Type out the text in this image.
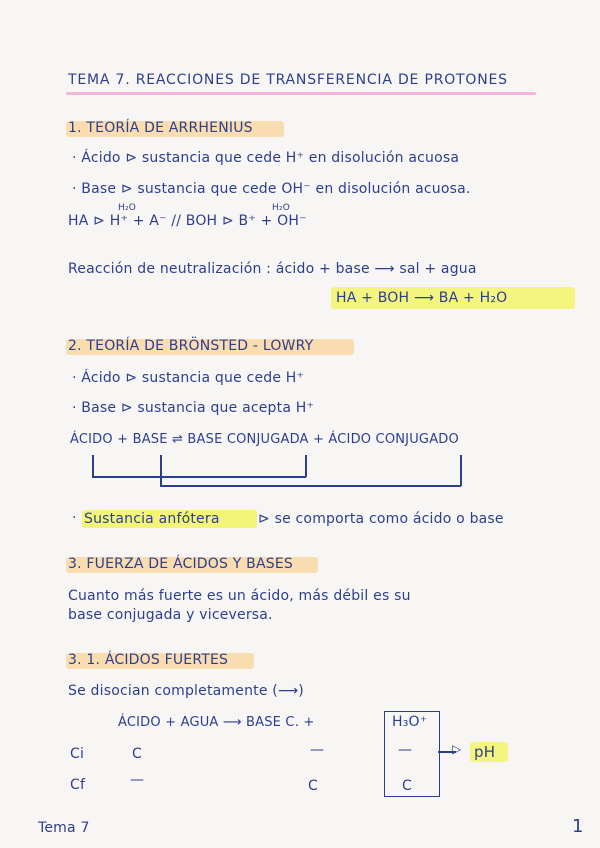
TEMA 7. REACCIONES DE TRANSFERENCIA DE PROTONES
1. TEORÍA DE ARRHENIUS
· Ácido ⊳ sustancia que cede H⁺ en disolución acuosa
· Base ⊳ sustancia que cede OH⁻ en disolución acuosa.
H₂O	H₂O
HA ⊳ H⁺ + A⁻ // BOH ⊳ B⁺ + OH⁻
Reacción de neutralización : ácido + base ⟶ sal + agua
HA + BOH ⟶ BA + H₂O
2. TEORÍA DE BRÖNSTED - LOWRY
· Ácido ⊳ sustancia que cede H⁺
· Base ⊳ sustancia que acepta H⁺
ÁCIDO + BASE ⇌ BASE CONJUGADA + ÁCIDO CONJUGADO
· Sustancia anfótera	⊳ se comporta como ácido o base
3. FUERZA DE ÁCIDOS Y BASES
Cuanto más fuerte es un ácido, más débil es su
base conjugada y viceversa.
3. 1. ÁCIDOS FUERTES
Se disocian completamente (⟶)
ÁCIDO + AGUA ⟶ BASE C. +	H₃O⁺
Ci	C	—	—	▷ pH
Cf	—	C	C
Tema 7	1
